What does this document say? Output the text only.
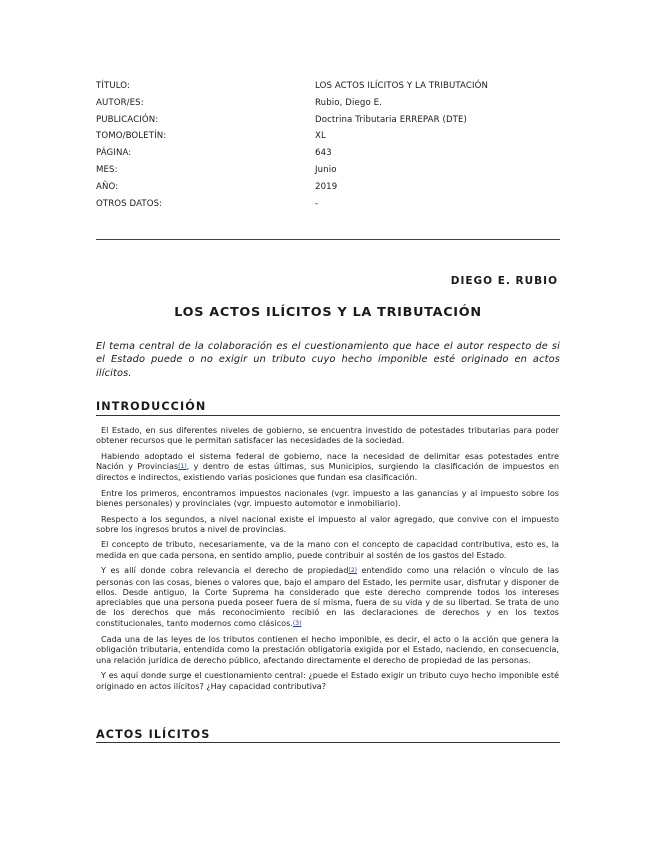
TÍTULO:	LOS ACTOS ILÍCITOS Y LA TRIBUTACIÓN
AUTOR/ES:	Rubio, Diego E.
PUBLICACIÓN:	Doctrina Tributaria ERREPAR (DTE)
TOMO/BOLETÍN:	XL
PÁGINA:	643
MES:	Junio
AÑO:	2019
OTROS DATOS:	-
DIEGO E. RUBIO
LOS ACTOS ILÍCITOS Y LA TRIBUTACIÓN
El tema central de la colaboración es el cuestionamiento que hace el autor respecto de si el Estado puede o no exigir un tributo cuyo hecho imponible esté originado en actos ilícitos.
INTRODUCCIÓN

El Estado, en sus diferentes niveles de gobierno, se encuentra investido de potestades tributarias para poder obtener recursos que le permitan satisfacer las necesidades de la sociedad.

Habiendo adoptado el sistema federal de gobierno, nace la necesidad de delimitar esas potestades entre Nación y Provincias(1), y dentro de estas últimas, sus Municipios, surgiendo la clasificación de impuestos en directos e indirectos, existiendo varias posiciones que fundan esa clasificación.

Entre los primeros, encontramos impuestos nacionales (vgr. impuesto a las ganancias y al impuesto sobre los bienes personales) y provinciales (vgr. impuesto automotor e inmobiliario).

Respecto a los segundos, a nivel nacional existe el impuesto al valor agregado, que convive con el impuesto sobre los ingresos brutos a nivel de provincias.

El concepto de tributo, necesariamente, va de la mano con el concepto de capacidad contributiva, esto es, la medida en que cada persona, en sentido amplio, puede contribuir al sostén de los gastos del Estado.

Y es allí donde cobra relevancia el derecho de propiedad(2) entendido como una relación o vínculo de las personas con las cosas, bienes o valores que, bajo el amparo del Estado, les permite usar, disfrutar y disponer de ellos. Desde antiguo, la Corte Suprema ha considerado que este derecho comprende todos los intereses apreciables que una persona pueda poseer fuera de sí misma, fuera de su vida y de su libertad. Se trata de uno de los derechos que más reconocimiento recibió en las declaraciones de derechos y en los textos constitucionales, tanto modernos como clásicos.(3)

Cada una de las leyes de los tributos contienen el hecho imponible, es decir, el acto o la acción que genera la obligación tributaria, entendida como la prestación obligatoria exigida por el Estado, naciendo, en consecuencia, una relación jurídica de derecho público, afectando directamente el derecho de propiedad de las personas.

Y es aquí donde surge el cuestionamiento central: ¿puede el Estado exigir un tributo cuyo hecho imponible esté originado en actos ilícitos? ¿Hay capacidad contributiva?

ACTOS ILÍCITOS
